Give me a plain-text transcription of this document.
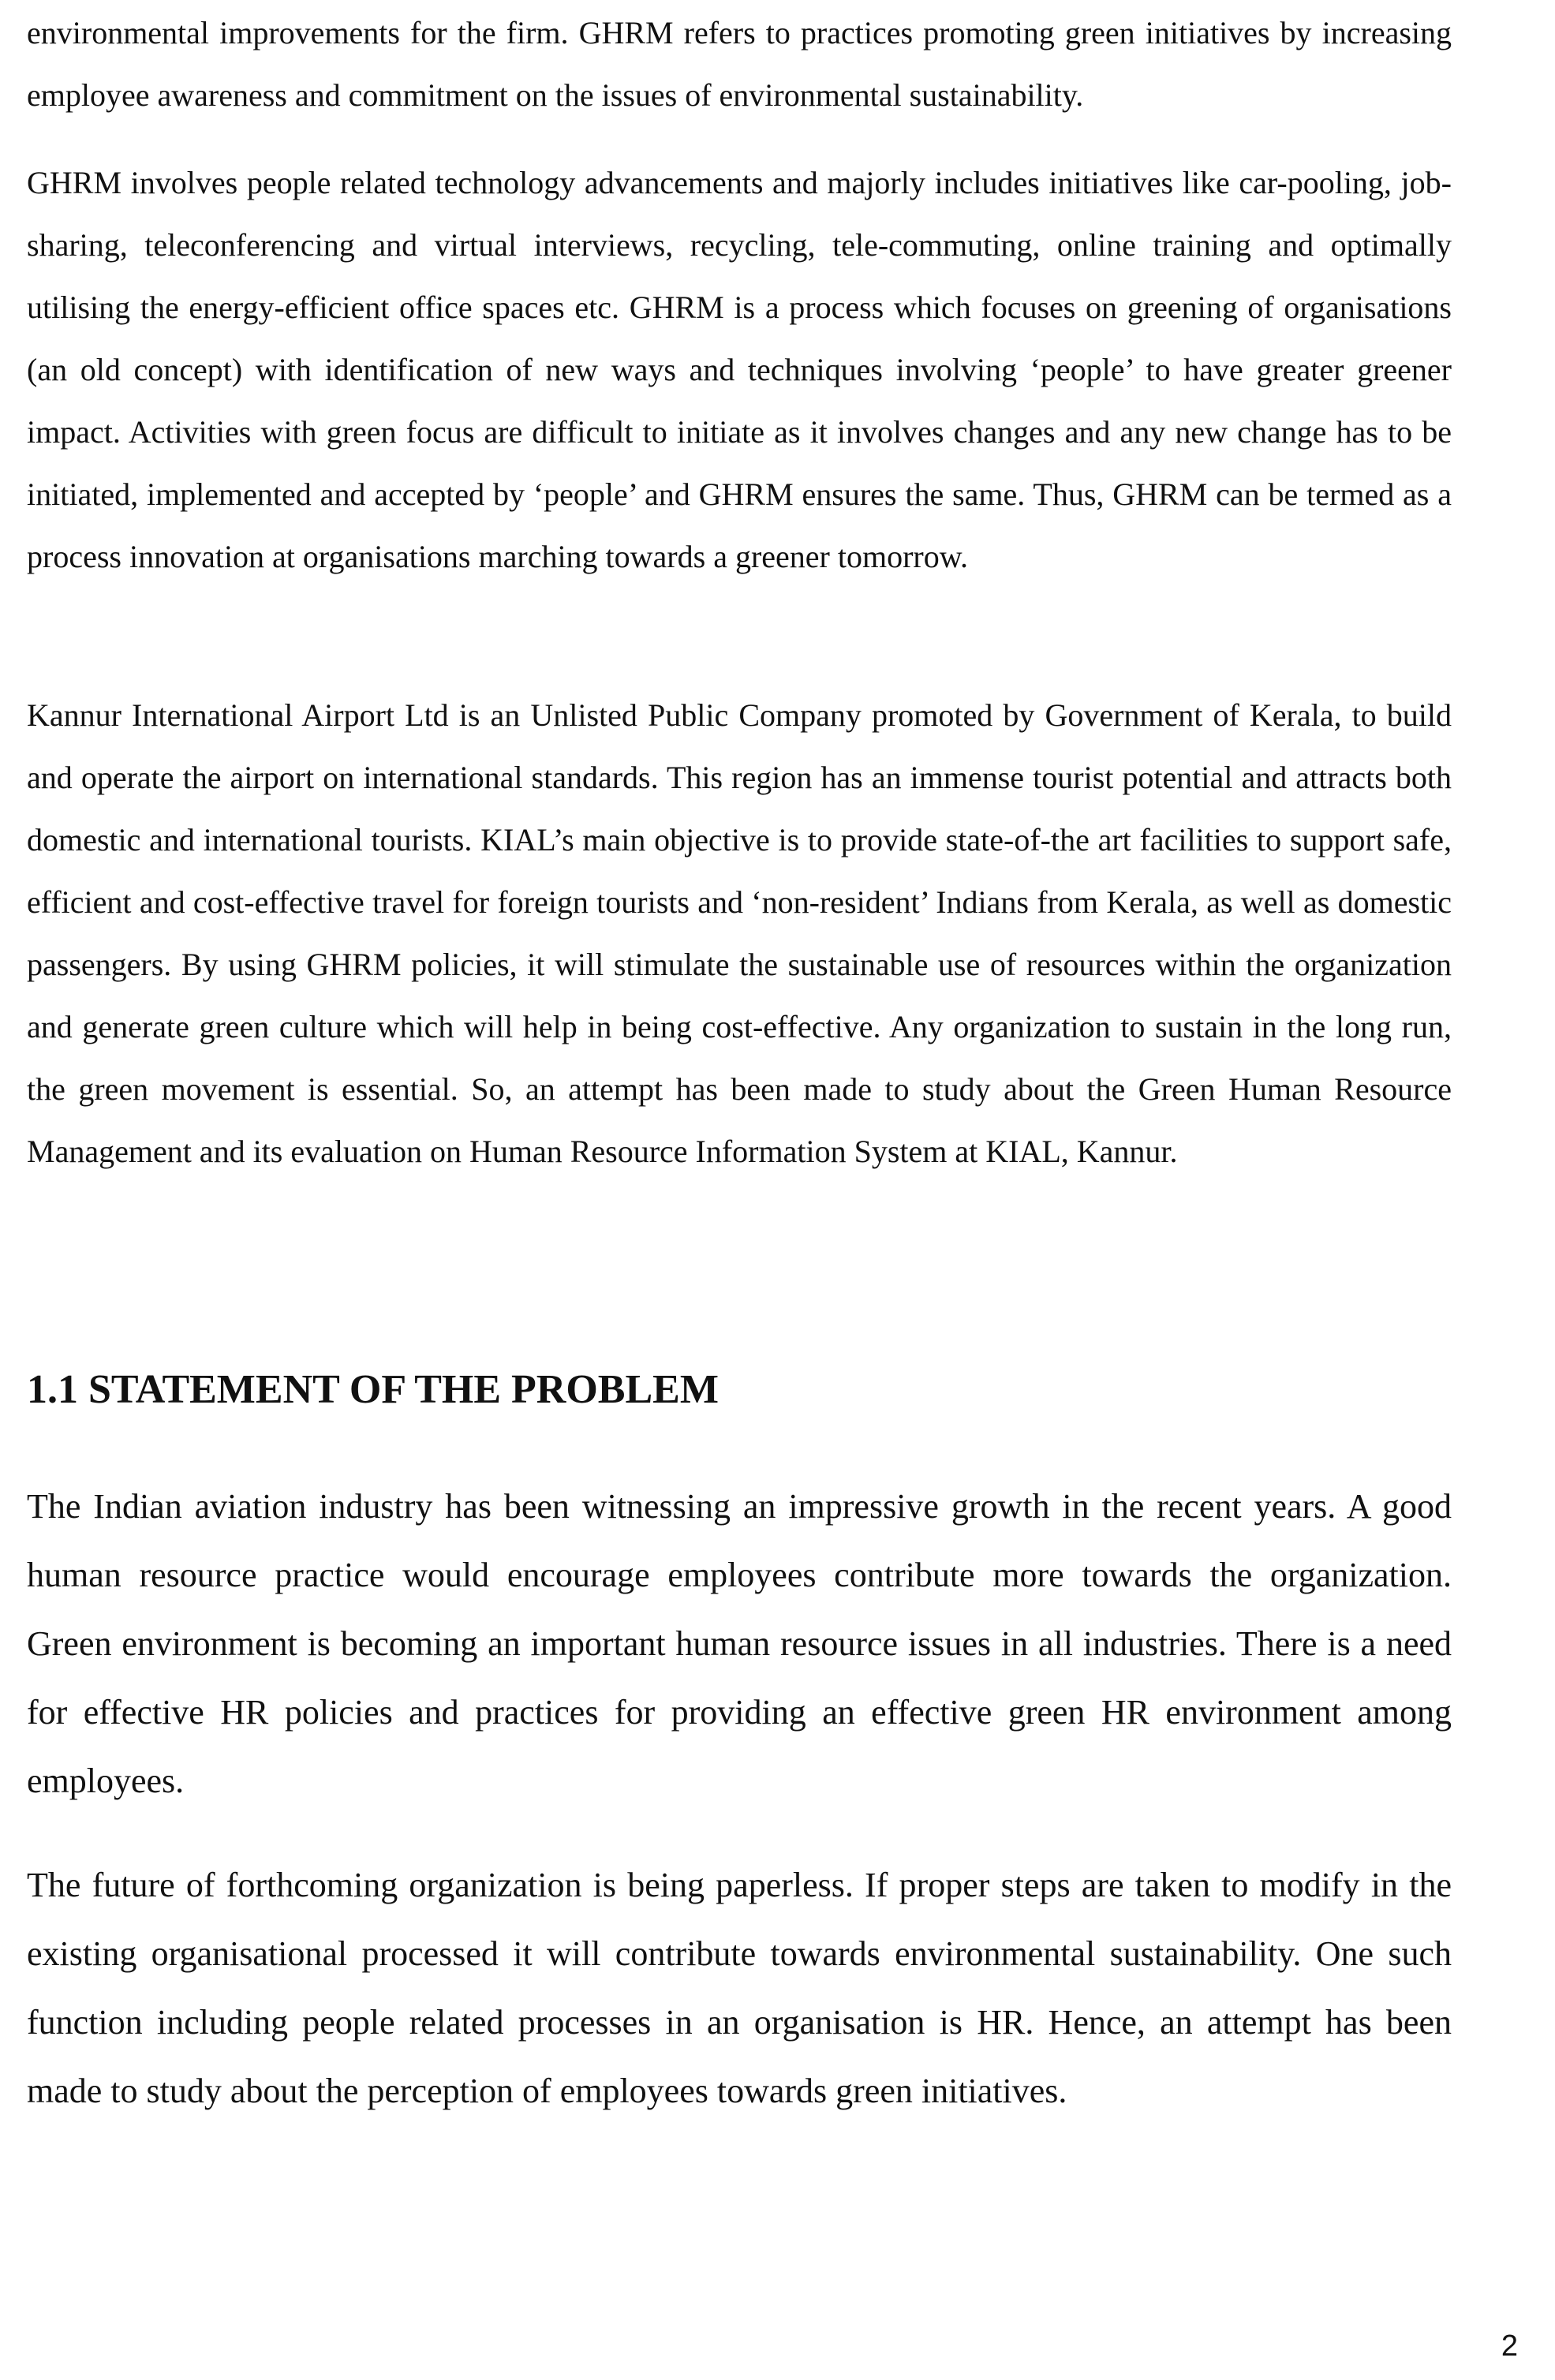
environmental improvements for the firm. GHRM refers to practices promoting green initiatives by increasing employee awareness and commitment on the issues of environmental sustainability.

GHRM involves people related technology advancements and majorly includes initiatives like car-pooling, job-sharing, teleconferencing and virtual interviews, recycling, tele-commuting, online training and optimally utilising the energy-efficient office spaces etc. GHRM is a process which focuses on greening of organisations (an old concept) with identification of new ways and techniques involving ‘people’ to have greater greener impact. Activities with green focus are difficult to initiate as it involves changes and any new change has to be initiated, implemented and accepted by ‘people’ and GHRM ensures the same. Thus, GHRM can be termed as a process innovation at organisations marching towards a greener tomorrow.

Kannur International Airport Ltd is an Unlisted Public Company promoted by Government of Kerala, to build and operate the airport on international standards. This region has an immense tourist potential and attracts both domestic and international tourists. KIAL’s main objective is to provide state-of-the art facilities to support safe, efficient and cost-effective travel for foreign tourists and ‘non-resident’ Indians from Kerala, as well as domestic passengers. By using GHRM policies, it will stimulate the sustainable use of resources within the organization and generate green culture which will help in being cost-effective. Any organization to sustain in the long run, the green movement is essential. So, an attempt has been made to study about the Green Human Resource Management and its evaluation on Human Resource Information System at KIAL, Kannur.

1.1 STATEMENT OF THE PROBLEM

The Indian aviation industry has been witnessing an impressive growth in the recent years. A good human resource practice would encourage employees contribute more towards the organization. Green environment is becoming an important human resource issues in all industries. There is a need for effective HR policies and practices for providing an effective green HR environment among employees.

The future of forthcoming organization is being paperless. If proper steps are taken to modify in the existing organisational processed it will contribute towards environmental sustainability. One such function including people related processes in an organisation is HR. Hence, an attempt has been made to study about the perception of employees towards green initiatives.

2
